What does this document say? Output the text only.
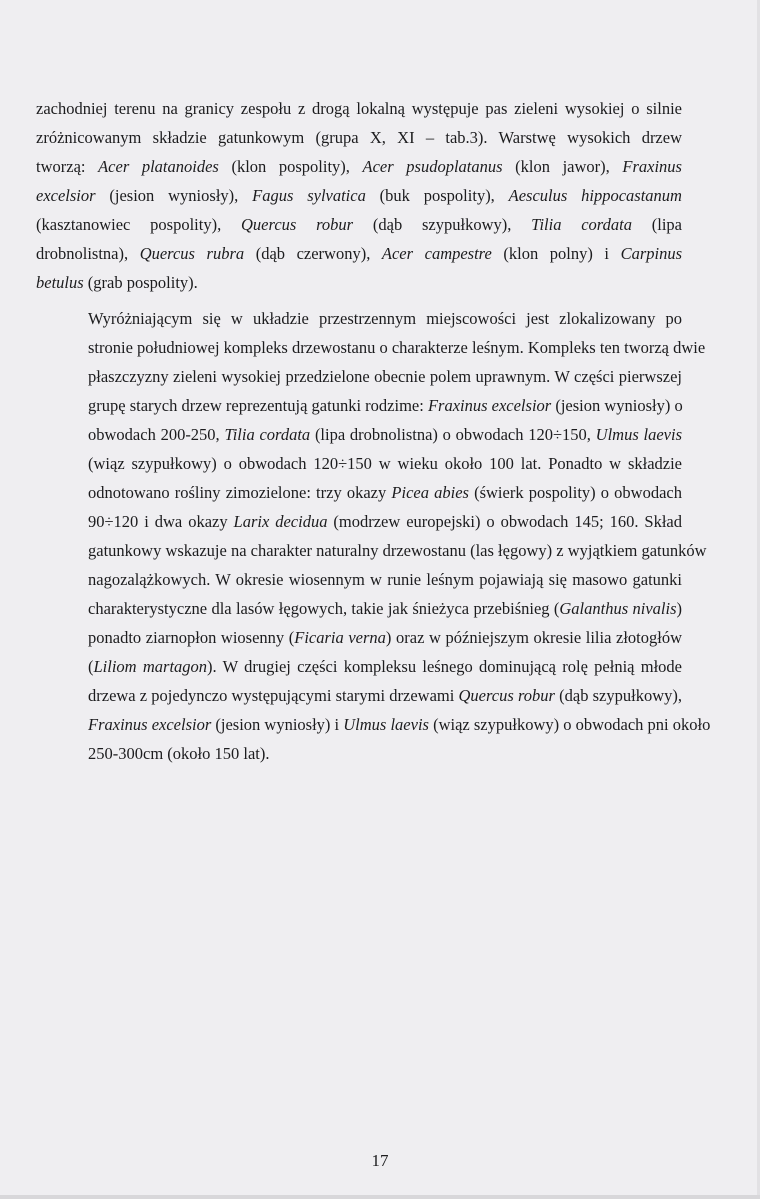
zachodniej terenu na granicy zespołu z drogą lokalną występuje pas zieleni wysokiej o silnie
zróżnicowanym składzie gatunkowym (grupa X, XI – tab.3). Warstwę wysokich drzew
tworzą: Acer platanoides (klon pospolity), Acer psudoplatanus (klon jawor), Fraxinus
excelsior (jesion wyniosły), Fagus sylvatica (buk pospolity), Aesculus hippocastanum
(kasztanowiec pospolity), Quercus robur (dąb szypułkowy), Tilia cordata (lipa
drobnolistna), Quercus rubra (dąb czerwony), Acer campestre (klon polny) i Carpinus
betulus (grab pospolity).

Wyróżniającym się w układzie przestrzennym miejscowości jest zlokalizowany po
stronie południowej kompleks drzewostanu o charakterze leśnym. Kompleks ten tworzą dwie
płaszczyzny zieleni wysokiej przedzielone obecnie polem uprawnym. W części pierwszej
grupę starych drzew reprezentują gatunki rodzime: Fraxinus excelsior (jesion wyniosły) o
obwodach 200-250, Tilia cordata (lipa drobnolistna) o obwodach 120÷150, Ulmus laevis
(wiąz szypułkowy) o obwodach 120÷150 w wieku około 100 lat. Ponadto w składzie
odnotowano rośliny zimozielone: trzy okazy Picea abies (świerk pospolity) o obwodach
90÷120 i dwa okazy Larix decidua (modrzew europejski) o obwodach 145; 160. Skład
gatunkowy wskazuje na charakter naturalny drzewostanu (las łęgowy) z wyjątkiem gatunków
nagozalążkowych. W okresie wiosennym w runie leśnym pojawiają się masowo gatunki
charakterystyczne dla lasów łęgowych, takie jak śnieżyca przebiśnieg (Galanthus nivalis)
ponadto ziarnopłon wiosenny (Ficaria verna) oraz w późniejszym okresie lilia złotogłów
(Liliom martagon). W drugiej części kompleksu leśnego dominującą rolę pełnią młode
drzewa z pojedynczo występującymi starymi drzewami Quercus robur (dąb szypułkowy),
Fraxinus excelsior (jesion wyniosły) i Ulmus laevis (wiąz szypułkowy) o obwodach pni około
250-300cm (około 150 lat).

17
